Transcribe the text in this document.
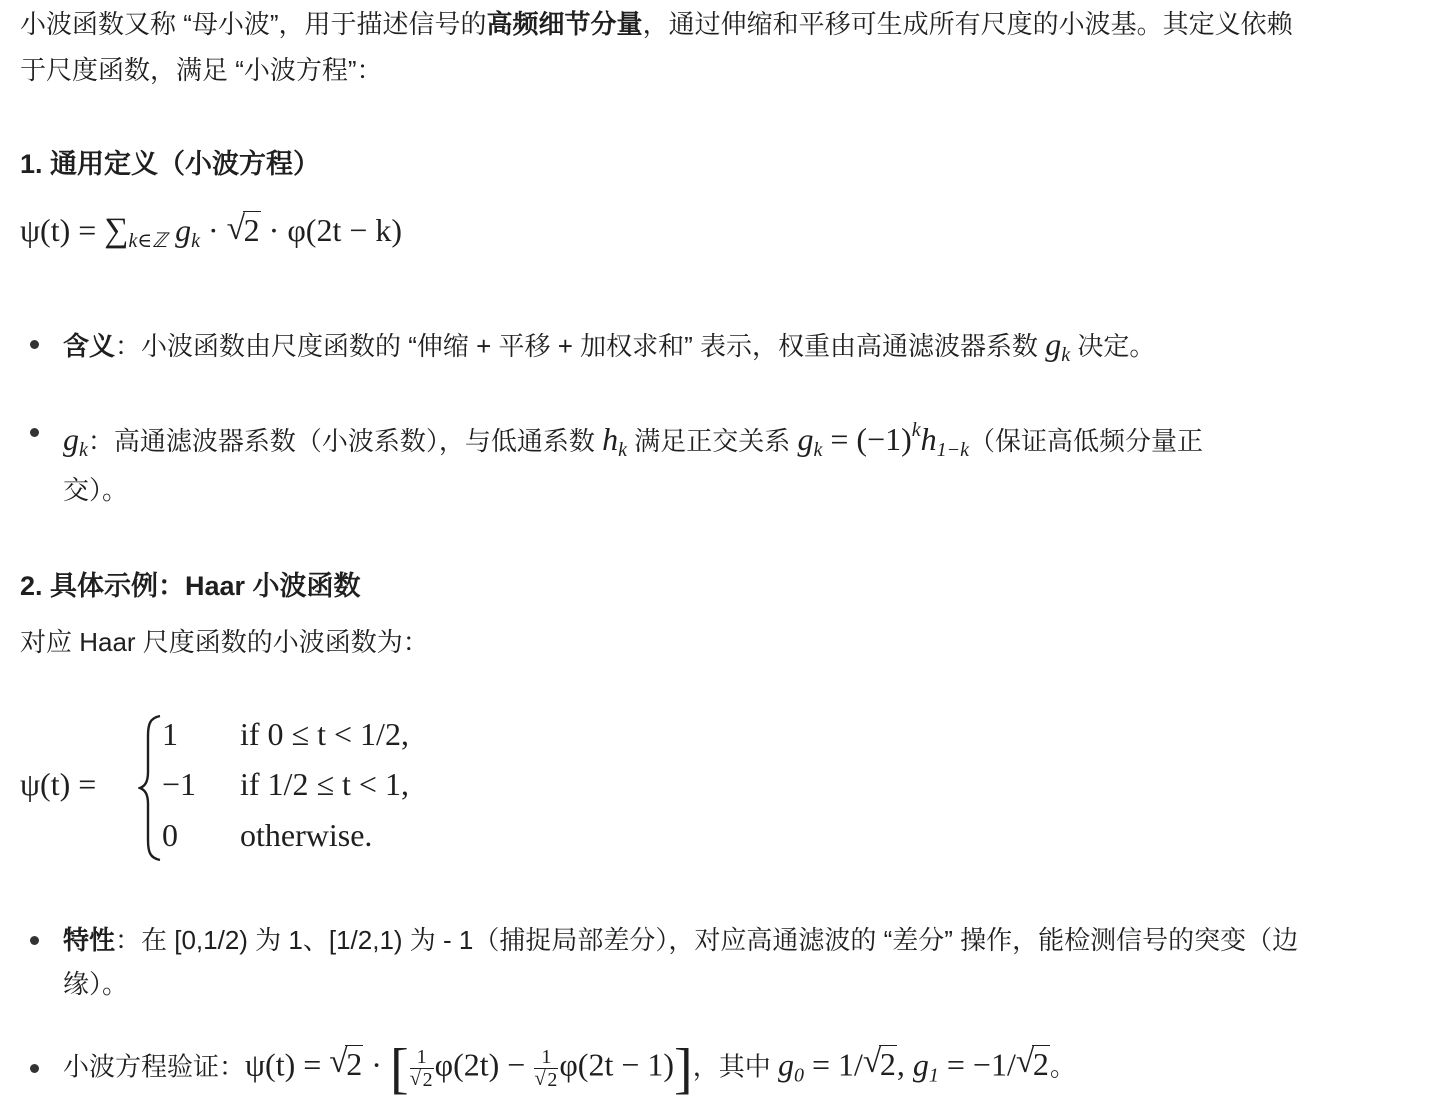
小波函数又称 “母小波”，用于描述信号的高频细节分量，通过伸缩和平移可生成所有尺度的小波基。其定义依赖
于尺度函数，满足 “小波方程”：
1. 通用定义（小波方程）
$\psi(t) = \sum_{k\in ℤ}$ $g_k$ · √ 2 · φ(2t − k)
含义：小波函数由尺度函数的 “伸缩 + 平移 + 加权求和” 表示，权重由高通滤波器系数 $g_k$ 决定。
$g_k$：高通滤波器系数（小波系数），与低通系数 $h_k$ 满足正交关系 $g_k = (-1)^kh_{1-k}$（保证高低频分量正
交）。
2. 具体示例：Haar 小波函数
对应 Haar 尺度函数的小波函数为：
ψ(t) =
1 if 0 ≤ t < 1/2,
−1 if 1/2 ≤ t < 1,
0 otherwise.
特性：在 [0,1/2) 为 1、[1/2,1) 为 - 1（捕捉局部差分），对应高通滤波的 “差分” 操作，能检测信号的突变（边
缘）。
小波方程验证：ψ(t) = √ 2 · [ 1
√ 2 φ(2t) − 1
√ 2 φ(2t − 1)]，其中 $g_0 = 1/√$ 2, $g_1 = -1/√$ 2。
